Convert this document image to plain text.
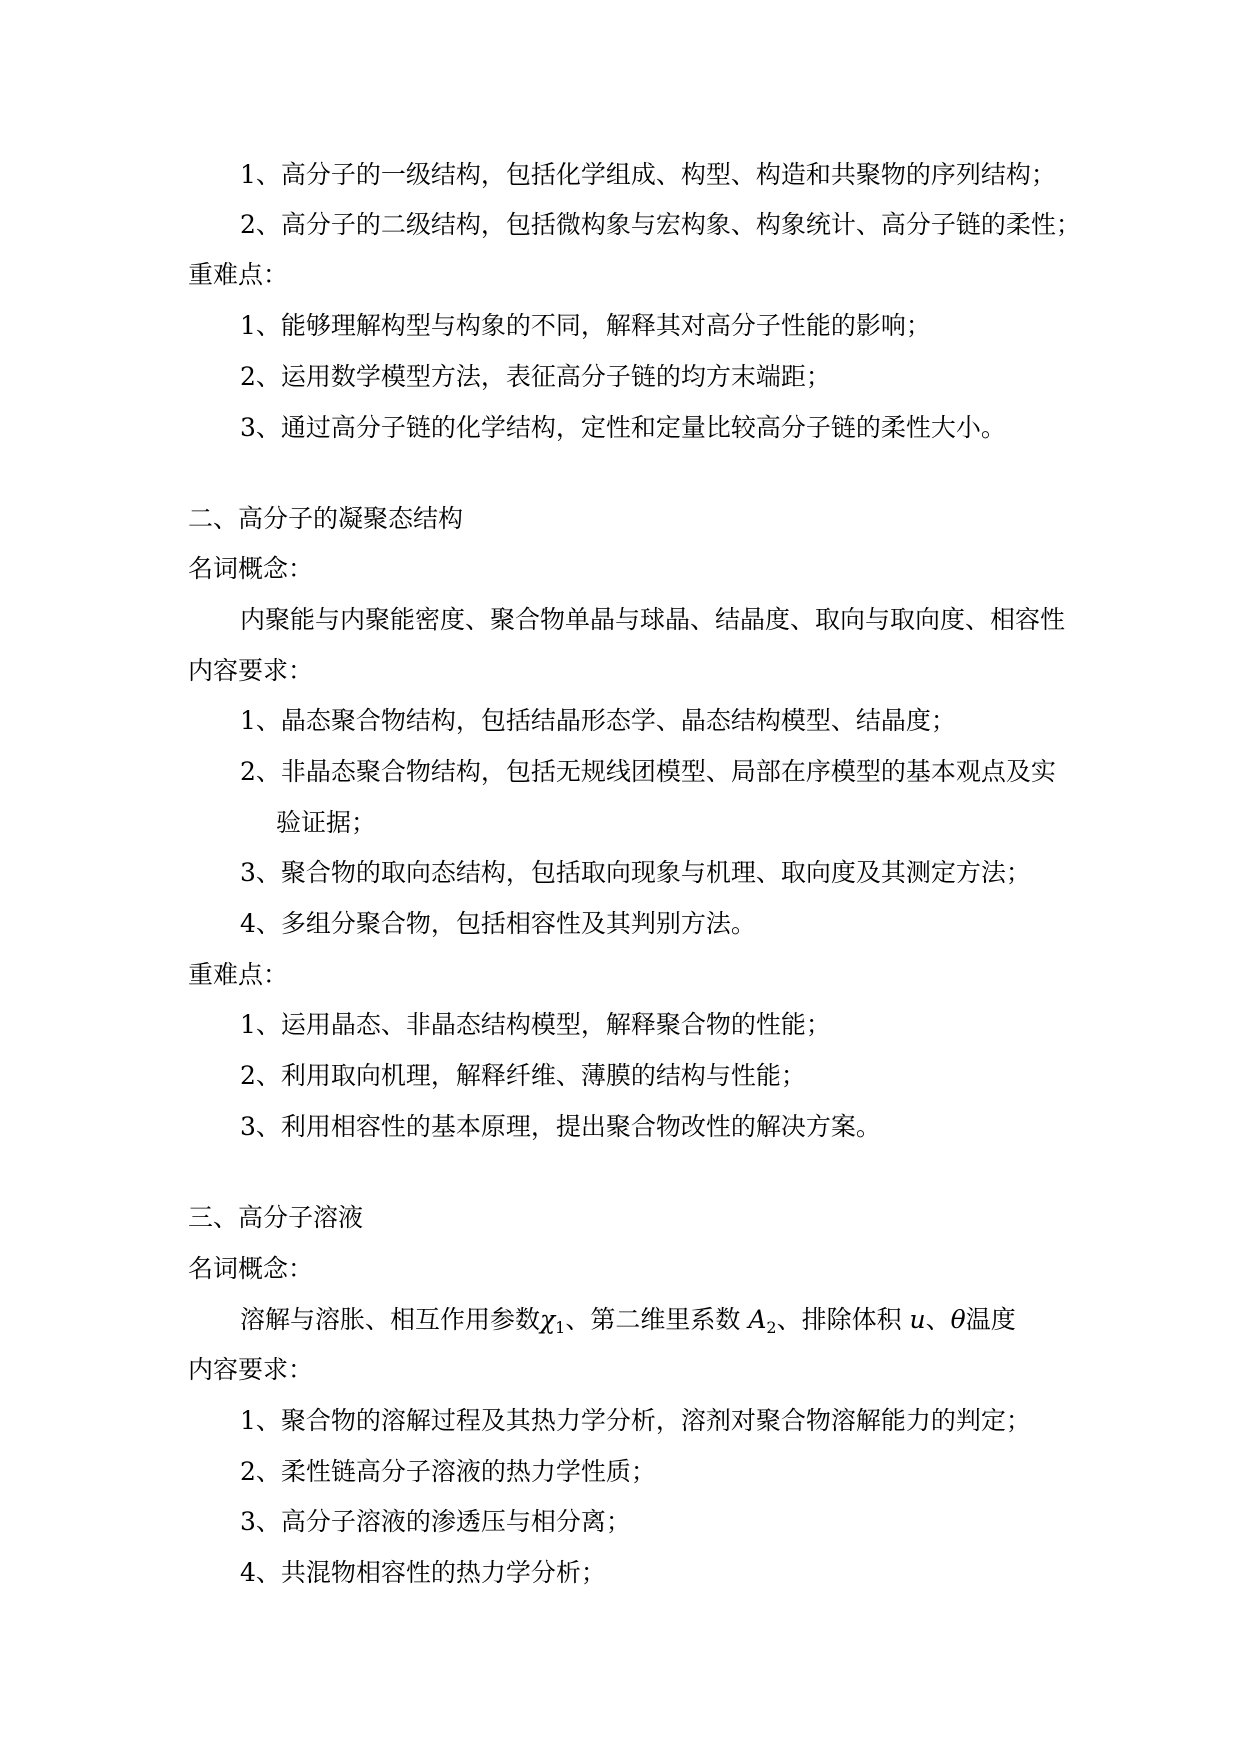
1、高分子的一级结构，包括化学组成、构型、构造和共聚物的序列结构；
2、高分子的二级结构，包括微构象与宏构象、构象统计、高分子链的柔性；
重难点：
1、能够理解构型与构象的不同，解释其对高分子性能的影响；
2、运用数学模型方法，表征高分子链的均方末端距；
3、通过高分子链的化学结构，定性和定量比较高分子链的柔性大小。
二、高分子的凝聚态结构
名词概念：
内聚能与内聚能密度、聚合物单晶与球晶、结晶度、取向与取向度、相容性
内容要求：
1、晶态聚合物结构，包括结晶形态学、晶态结构模型、结晶度；
2、非晶态聚合物结构，包括无规线团模型、局部在序模型的基本观点及实
验证据；
3、聚合物的取向态结构，包括取向现象与机理、取向度及其测定方法；
4、多组分聚合物，包括相容性及其判别方法。
重难点：
1、运用晶态、非晶态结构模型，解释聚合物的性能；
2、利用取向机理，解释纤维、薄膜的结构与性能；
3、利用相容性的基本原理，提出聚合物改性的解决方案。
三、高分子溶液
名词概念：
溶解与溶胀、相互作用参数$\chi_1$、第二维里系数 $A_2$、排除体积 u、θ温度
内容要求：
1、聚合物的溶解过程及其热力学分析，溶剂对聚合物溶解能力的判定；
2、柔性链高分子溶液的热力学性质；
3、高分子溶液的渗透压与相分离；
4、共混物相容性的热力学分析；
